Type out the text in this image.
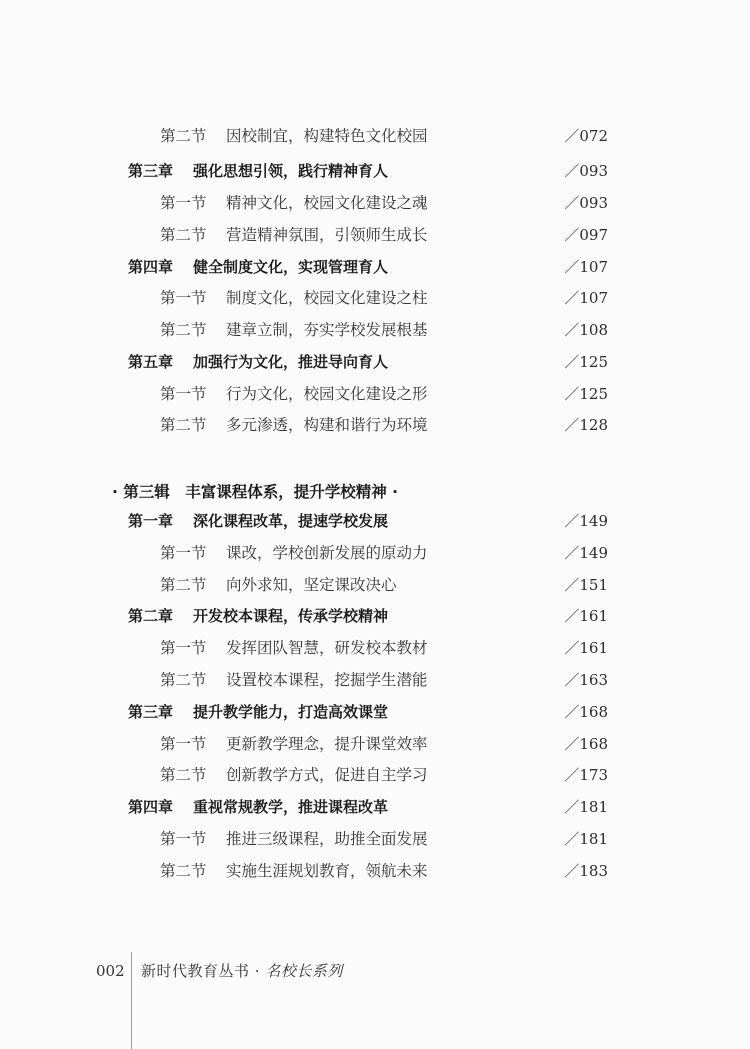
第二节 因校制宜，构建特色文化校园	／072
第三章 强化思想引领，践行精神育人	／093
第一节 精神文化，校园文化建设之魂	／093
第二节 营造精神氛围，引领师生成长	／097
第四章 健全制度文化，实现管理育人	／107
第一节 制度文化，校园文化建设之柱	／107
第二节 建章立制，夯实学校发展根基	／108
第五章 加强行为文化，推进导向育人	／125
第一节 行为文化，校园文化建设之形	／125
第二节 多元渗透，构建和谐行为环境	／128
· 第三辑　丰富课程体系，提升学校精神 ·
第一章 深化课程改革，提速学校发展	／149
第一节 课改，学校创新发展的原动力	／149
第二节 向外求知，坚定课改决心	／151
第二章 开发校本课程，传承学校精神	／161
第一节 发挥团队智慧，研发校本教材	／161
第二节 设置校本课程，挖掘学生潜能	／163
第三章 提升教学能力，打造高效课堂	／168
第一节 更新教学理念，提升课堂效率	／168
第二节 创新教学方式，促进自主学习	／173
第四章 重视常规教学，推进课程改革	／181
第一节 推进三级课程，助推全面发展	／181
第二节 实施生涯规划教育，领航未来	／183
002 新时代教育丛书 · 名校长系列
